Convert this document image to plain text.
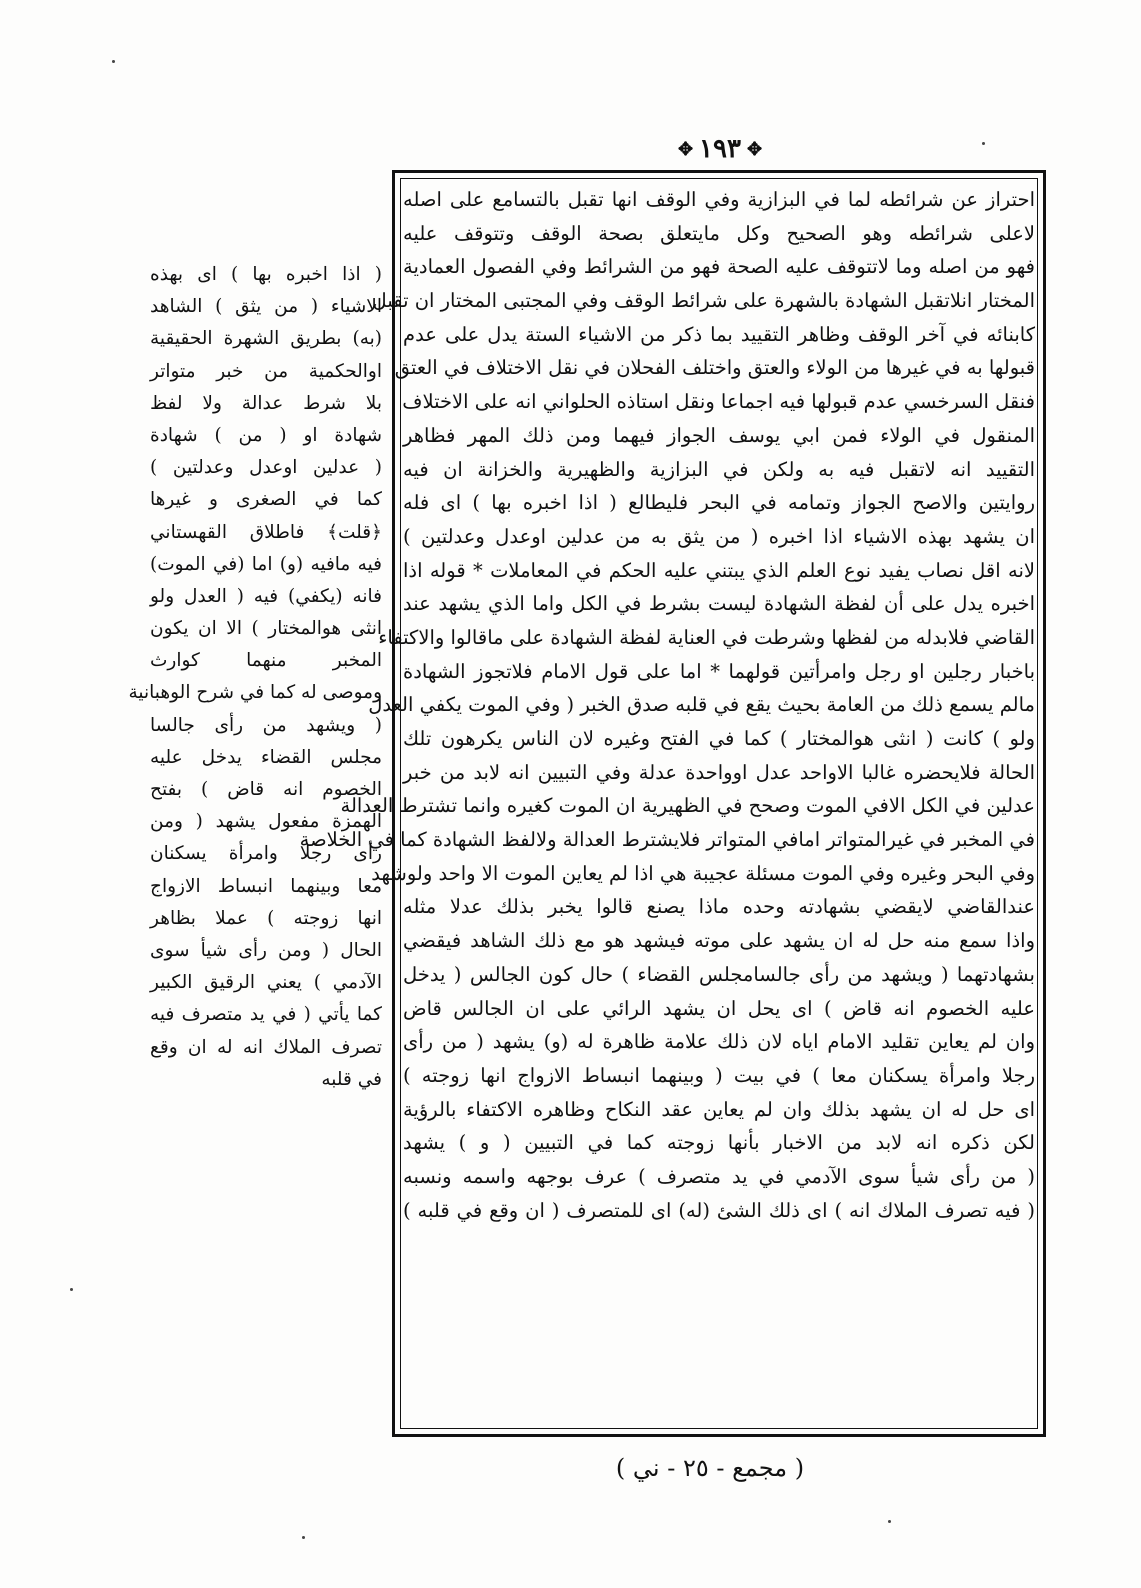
✥
١٩٣
✥
احتراز عن شرائطه لما في البزازية وفي الوقف انها تقبل بالتسامع على اصله
لاعلى شرائطه وهو الصحيح وكل مايتعلق بصحة الوقف وتتوقف عليه
فهو من اصله وما لاتتوقف عليه الصحة فهو من الشرائط وفي الفصول العمادية
المختار انلاتقبل الشهادة بالشهرة على شرائط الوقف وفي المجتبى المختار ان تقبل
كابنائه في آخر الوقف وظاهر التقييد بما ذكر من الاشياء الستة يدل على عدم
قبولها به في غيرها من الولاء والعتق واختلف الفحلان في نقل الاختلاف في العتق
فنقل السرخسي عدم قبولها فيه اجماعا ونقل استاذه الحلواني انه على الاختلاف
المنقول في الولاء فمن ابي يوسف الجواز فيهما ومن ذلك المهر فظاهر
التقييد انه لاتقبل فيه به ولكن في البزازية والظهيرية والخزانة ان فيه
روايتين والاصح الجواز وتمامه في البحر فليطالع ( اذا اخبره بها ) اى فله
ان يشهد بهذه الاشياء اذا اخبره ( من يثق به من عدلين اوعدل وعدلتين )
لانه اقل نصاب يفيد نوع العلم الذي يبتني عليه الحكم في المعاملات * قوله اذا
اخبره يدل على أن لفظة الشهادة ليست بشرط في الكل واما الذي يشهد عند
القاضي فلابدله من لفظها وشرطت في العناية لفظة الشهادة على ماقالوا والاكتفاء
باخبار رجلين او رجل وامرأتين قولهما * اما على قول الامام فلاتجوز الشهادة
مالم يسمع ذلك من العامة بحيث يقع في قلبه صدق الخبر ( وفي الموت يكفي العدل
ولو ) كانت ( انثى هوالمختار ) كما في الفتح وغيره لان الناس يكرهون تلك
الحالة فلايحضره غالبا الاواحد عدل اوواحدة عدلة وفي التبيين انه لابد من خبر
عدلين في الكل الافي الموت وصحح في الظهيرية ان الموت كغيره وانما تشترط العدالة
في المخبر في غيرالمتواتر امافي المتواتر فلايشترط العدالة ولالفظ الشهادة كما في الخلاصة
وفي البحر وغيره وفي الموت مسئلة عجيبة هي اذا لم يعاين الموت الا واحد ولوشهد
عندالقاضي لايقضي بشهادته وحده ماذا يصنع قالوا يخبر بذلك عدلا مثله
واذا سمع منه حل له ان يشهد على موته فيشهد هو مع ذلك الشاهد فيقضي
بشهادتهما ( ويشهد من رأى جالسامجلس القضاء ) حال كون الجالس ( يدخل
عليه الخصوم انه قاض ) اى يحل ان يشهد الرائي على ان الجالس قاض
وان لم يعاين تقليد الامام اياه لان ذلك علامة ظاهرة له (و) يشهد ( من رأى
رجلا وامرأة يسكنان معا ) في بيت ( وبينهما انبساط الازواج انها زوجته )
اى حل له ان يشهد بذلك وان لم يعاين عقد النكاح وظاهره الاكتفاء بالرؤية
لكن ذكره انه لابد من الاخبار بأنها زوجته كما في التبيين ( و ) يشهد
( من رأى شيأ سوى الآدمي في يد متصرف ) عرف بوجهه واسمه ونسبه
( فيه تصرف الملاك انه ) اى ذلك الشئ (له) اى للمتصرف ( ان وقع في قلبه )
( اذا اخبره بها ) اى بهذه
الاشياء ( من يثق ) الشاهد
(به) بطريق الشهرة الحقيقية
اوالحكمية من خبر متواتر
بلا شرط عدالة ولا لفظ
شهادة او ( من ) شهادة
( عدلين اوعدل وعدلتين )
كما في الصغرى و غيرها
﴿قلت﴾ فاطلاق القهستاني
فيه مافيه (و) اما (في الموت)
فانه (يكفي) فيه ( العدل ولو
انثى هوالمختار ) الا ان يكون
المخبر منهما كوارث
وموصى له كما في شرح الوهبانية
( ويشهد من رأى جالسا
مجلس القضاء يدخل عليه
الخصوم انه قاض ) بفتح
الهمزة مفعول يشهد ( ومن
رأى رجلا وامرأة يسكنان
معا وبينهما انبساط الازواج
انها زوجته ) عملا بظاهر
الحال ( ومن رأى شيأ سوى
الآدمي ) يعني الرقيق الكبير
كما يأتي ( في يد متصرف فيه
تصرف الملاك انه له ان وقع
في قلبه
( مجمع - ٢٥ - ني )
